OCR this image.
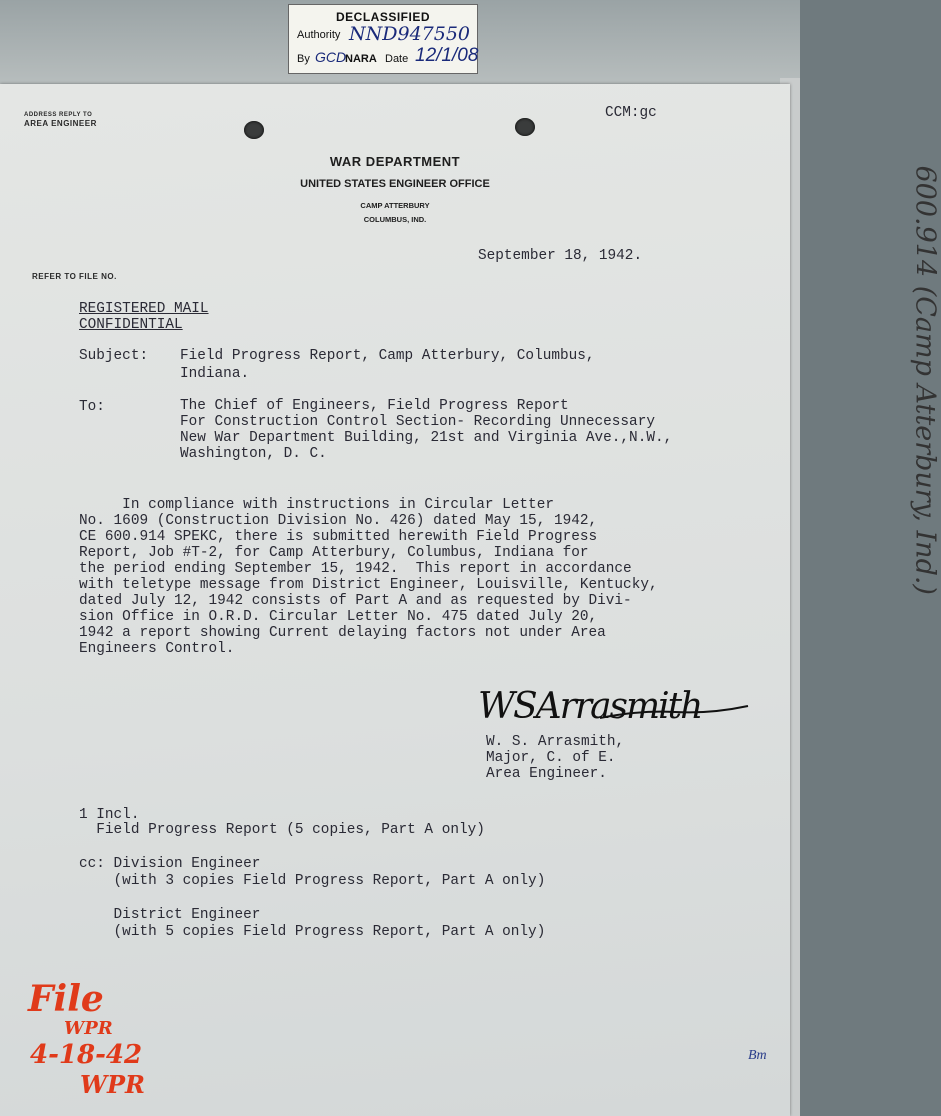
DECLASSIFIED
Authority NND947550
By GCD
NARA Date 12/1/08
ADDRESS REPLY TO
AREA ENGINEER
CCM:gc
WAR DEPARTMENT
UNITED STATES ENGINEER OFFICE
CAMP ATTERBURY
COLUMBUS, IND.
REFER TO FILE NO.
September 18, 1942.
REGISTERED MAIL
CONFIDENTIAL
Subject: Field Progress Report, Camp Atterbury, Columbus,
Indiana.
To:	The Chief of Engineers, Field Progress Report
For Construction Control Section- Recording Unnecessary
New War Department Building, 21st and Virginia Ave.,N.W.,
Washington, D. C.
In compliance with instructions in Circular Letter
No. 1609 (Construction Division No. 426) dated May 15, 1942,
CE 600.914 SPEKC, there is submitted herewith Field Progress
Report, Job #T-2, for Camp Atterbury, Columbus, Indiana for
the period ending September 15, 1942.  This report in accordance
with teletype message from District Engineer, Louisville, Kentucky,
dated July 12, 1942 consists of Part A and as requested by Divi-
sion Office in O.R.D. Circular Letter No. 475 dated July 20,
1942 a report showing Current delaying factors not under Area
Engineers Control.
WSArrasmith
W. S. Arrasmith,
Major, C. of E.
Area Engineer.
1 Incl.
Field Progress Report (5 copies, Part A only)
cc: Division Engineer
(with 3 copies Field Progress Report, Part A only)
District Engineer
(with 5 copies Field Progress Report, Part A only)
600.914 (Camp Atterbury, Ind.)
File
WPR
4-18-42
WPR
Bm
